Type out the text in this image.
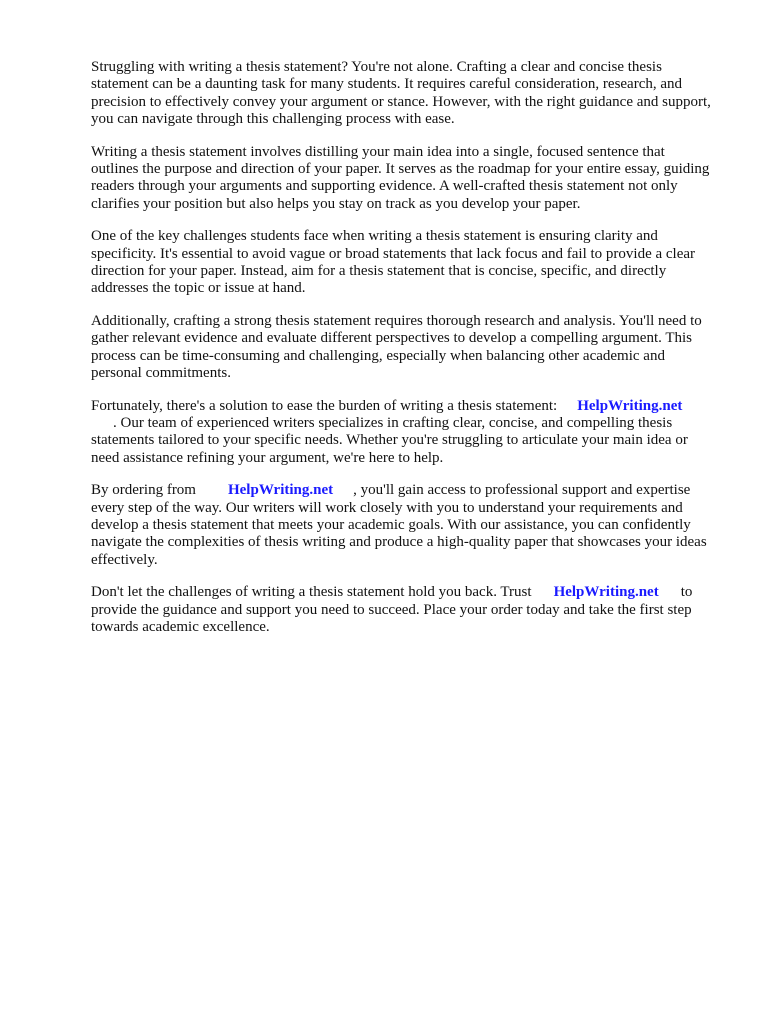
Struggling with writing a thesis statement? You're not alone. Crafting a clear and concise thesis statement can be a daunting task for many students. It requires careful consideration, research, and precision to effectively convey your argument or stance. However, with the right guidance and support, you can navigate through this challenging process with ease.

Writing a thesis statement involves distilling your main idea into a single, focused sentence that outlines the purpose and direction of your paper. It serves as the roadmap for your entire essay, guiding readers through your arguments and supporting evidence. A well-crafted thesis statement not only clarifies your position but also helps you stay on track as you develop your paper.

One of the key challenges students face when writing a thesis statement is ensuring clarity and specificity. It's essential to avoid vague or broad statements that lack focus and fail to provide a clear direction for your paper. Instead, aim for a thesis statement that is concise, specific, and directly addresses the topic or issue at hand.

Additionally, crafting a strong thesis statement requires thorough research and analysis. You'll need to gather relevant evidence and evaluate different perspectives to develop a compelling argument. This process can be time-consuming and challenging, especially when balancing other academic and personal commitments.

Fortunately, there's a solution to ease the burden of writing a thesis statement: HelpWriting.net
. Our team of experienced writers specializes in crafting clear, concise, and compelling thesis statements tailored to your specific needs. Whether you're struggling to articulate your main idea or need assistance refining your argument, we're here to help.

By ordering from HelpWriting.net , you'll gain access to professional support and expertise every step of the way. Our writers will work closely with you to understand your requirements and develop a thesis statement that meets your academic goals. With our assistance, you can confidently navigate the complexities of thesis writing and produce a high-quality paper that showcases your ideas effectively.

Don't let the challenges of writing a thesis statement hold you back. Trust HelpWriting.net to provide the guidance and support you need to succeed. Place your order today and take the first step towards academic excellence.
